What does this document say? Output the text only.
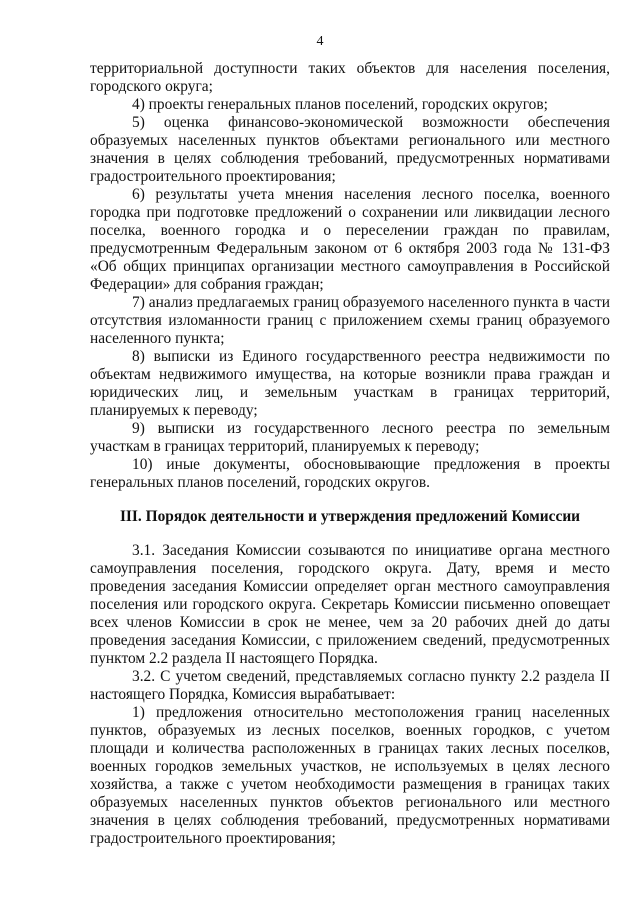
4

территориальной доступности таких объектов для населения поселения, городского округа;

4) проекты генеральных планов поселений, городских округов;

5) оценка финансово-экономической возможности обеспечения образуемых населенных пунктов объектами регионального или местного значения в целях соблюдения требований, предусмотренных нормативами градостроительного проектирования;

6) результаты учета мнения населения лесного поселка, военного городка при подготовке предложений о сохранении или ликвидации лесного поселка, военного городка и о переселении граждан по правилам, предусмотренным Федеральным законом от 6 октября 2003 года № 131-ФЗ «Об общих принципах организации местного самоуправления в Российской Федерации» для собрания граждан;

7) анализ предлагаемых границ образуемого населенного пункта в части отсутствия изломанности границ с приложением схемы границ образуемого населенного пункта;

8) выписки из Единого государственного реестра недвижимости по объектам недвижимого имущества, на которые возникли права граждан и юридических лиц, и земельным участкам в границах территорий, планируемых к переводу;

9) выписки из государственного лесного реестра по земельным участкам в границах территорий, планируемых к переводу;

10) иные документы, обосновывающие предложения в проекты генеральных планов поселений, городских округов.

III. Порядок деятельности и утверждения предложений Комиссии

3.1. Заседания Комиссии созываются по инициативе органа местного самоуправления поселения, городского округа. Дату, время и место проведения заседания Комиссии определяет орган местного самоуправления поселения или городского округа. Секретарь Комиссии письменно оповещает всех членов Комиссии в срок не менее, чем за 20 рабочих дней до даты проведения заседания Комиссии, с приложением сведений, предусмотренных пунктом 2.2 раздела II настоящего Порядка.

3.2. С учетом сведений, представляемых согласно пункту 2.2 раздела II настоящего Порядка, Комиссия вырабатывает:

1) предложения относительно местоположения границ населенных пунктов, образуемых из лесных поселков, военных городков, с учетом площади и количества расположенных в границах таких лесных поселков, военных городков земельных участков, не используемых в целях лесного хозяйства, а также с учетом необходимости размещения в границах таких образуемых населенных пунктов объектов регионального или местного значения в целях соблюдения требований, предусмотренных нормативами градостроительного проектирования;
